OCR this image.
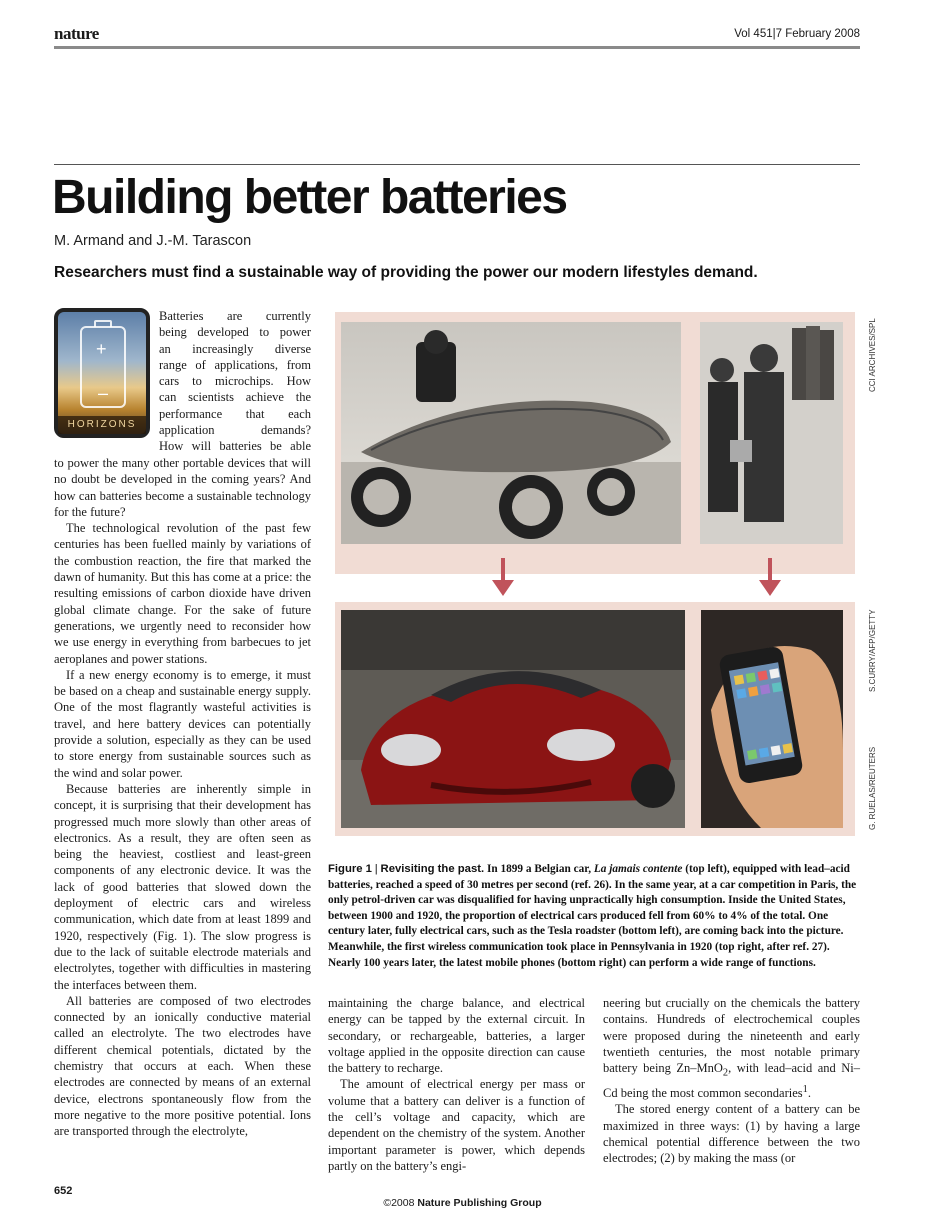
nature	Vol 451|7 February 2008
Building better batteries
M. Armand and J.-M. Tarascon
Researchers must find a sustainable way of providing the power our modern lifestyles demand.
+
–
HORIZONS
Batteries are currently
being developed to power
an increasingly diverse
range of applications, from
cars to microchips. How
can scientists achieve the
performance that each
application demands?
How will batteries be able

to power the many other portable devices that will no doubt be developed in the coming years? And how can batteries become a sustainable technology for the future?

The technological revolution of the past few centuries has been fuelled mainly by variations of the combustion reaction, the fire that marked the dawn of humanity. But this has come at a price: the resulting emissions of carbon dioxide have driven global climate change. For the sake of future generations, we urgently need to reconsider how we use energy in everything from barbecues to jet aeroplanes and power stations.

If a new energy economy is to emerge, it must be based on a cheap and sustainable energy supply. One of the most flagrantly wasteful activities is travel, and here battery devices can potentially provide a solution, especially as they can be used to store energy from sustainable sources such as the wind and solar power.

Because batteries are inherently simple in concept, it is surprising that their development has progressed much more slowly than other areas of electronics. As a result, they are often seen as being the heaviest, costliest and least-green components of any electronic device. It was the lack of good batteries that slowed down the deployment of electric cars and wireless communication, which date from at least 1899 and 1920, respectively (Fig. 1). The slow progress is due to the lack of suitable electrode materials and electrolytes, together with difficulties in mastering the interfaces between them.

All batteries are composed of two electrodes connected by an ionically conductive material called an electrolyte. The two electrodes have different chemical potentials, dictated by the chemistry that occurs at each. When these electrodes are connected by means of an external device, electrons spontaneously flow from the more negative to the more positive potential. Ions are transported through the electrolyte,

CCI ARCHIVES/SPL
S.CURRY/AFP/GETTY
G. RUELAS/REUTERS
Figure 1 | Revisiting the past. In 1899 a Belgian car, La jamais contente (top left), equipped with lead–acid batteries, reached a speed of 30 metres per second (ref. 26). In the same year, at a car competition in Paris, the only petrol-driven car was disqualified for having unpractically high consumption. Inside the United States, between 1900 and 1920, the proportion of electrical cars produced fell from 60% to 4% of the total. One century later, fully electrical cars, such as the Tesla roadster (bottom left), are coming back into the picture. Meanwhile, the first wireless communication took place in Pennsylvania in 1920 (top right, after ref. 27). Nearly 100 years later, the latest mobile phones (bottom right) can perform a wide range of functions.

maintaining the charge balance, and electrical energy can be tapped by the external circuit. In secondary, or rechargeable, batteries, a larger voltage applied in the opposite direction can cause the battery to recharge.

The amount of electrical energy per mass or volume that a battery can deliver is a function of the cell’s voltage and capacity, which are dependent on the chemistry of the system. Another important parameter is power, which depends partly on the battery’s engi-

neering but crucially on the chemicals the battery contains. Hundreds of electrochemical couples were proposed during the nineteenth and early twentieth centuries, the most notable primary battery being Zn–MnO$_2$, with lead–acid and Ni–Cd being the most common secondaries$^1$.

The stored energy content of a battery can be maximized in three ways: (1) by having a large chemical potential difference between the two electrodes; (2) by making the mass (or

652
©2008 Nature Publishing Group
